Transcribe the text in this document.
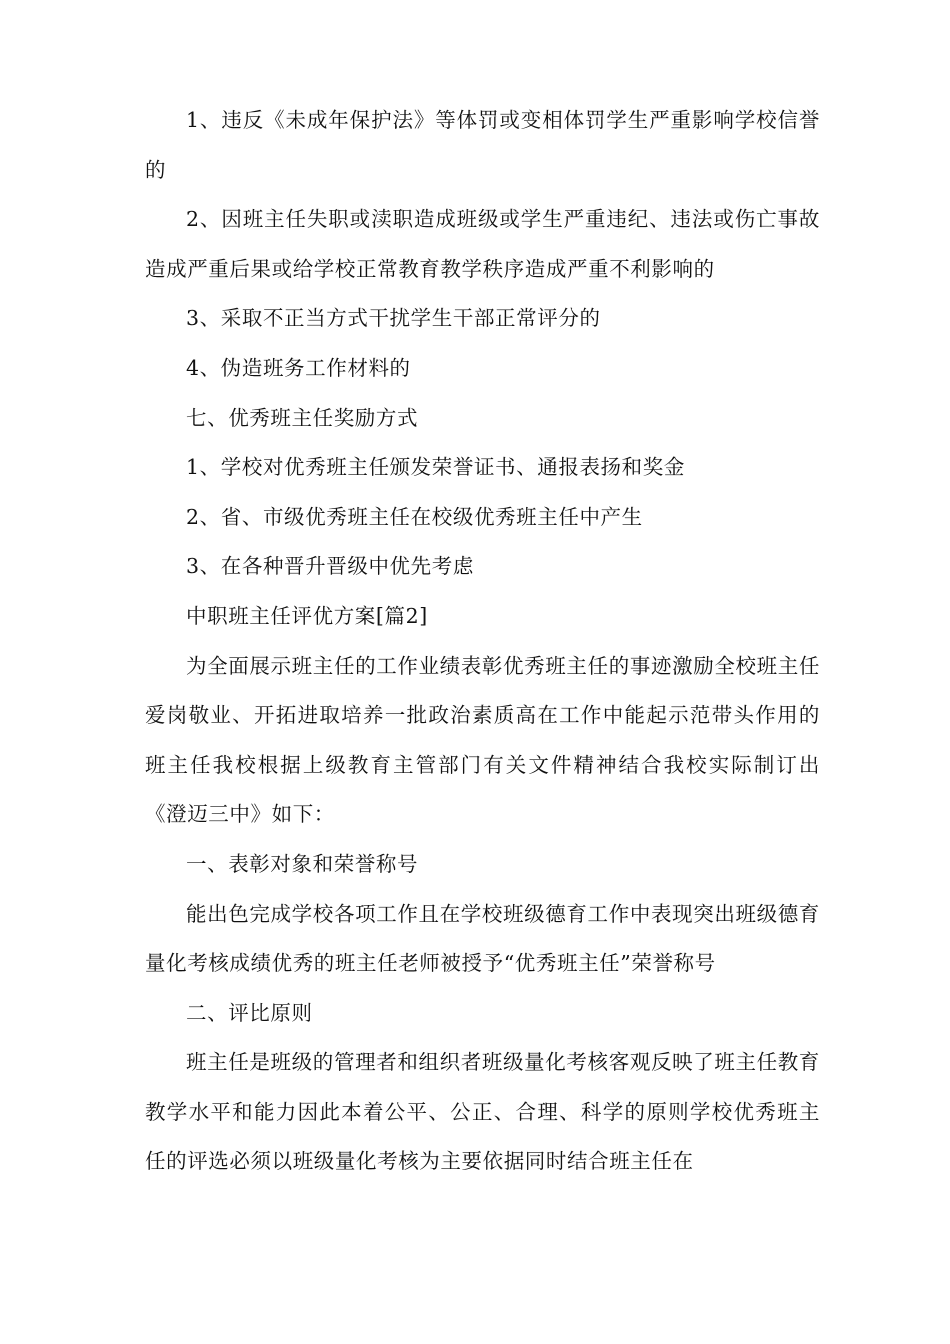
1、违反《未成年保护法》等体罚或变相体罚学生严重影响学校信誉的

2、因班主任失职或渎职造成班级或学生严重违纪、违法或伤亡事故造成严重后果或给学校正常教育教学秩序造成严重不利影响的

3、采取不正当方式干扰学生干部正常评分的

4、伪造班务工作材料的

七、优秀班主任奖励方式

1、学校对优秀班主任颁发荣誉证书、通报表扬和奖金

2、省、市级优秀班主任在校级优秀班主任中产生

3、在各种晋升晋级中优先考虑

中职班主任评优方案[篇2]

为全面展示班主任的工作业绩表彰优秀班主任的事迹激励全校班主任爱岗敬业、开拓进取培养一批政治素质高在工作中能起示范带头作用的班主任我校根据上级教育主管部门有关文件精神结合我校实际制订出《澄迈三中》如下：

一、表彰对象和荣誉称号

能出色完成学校各项工作且在学校班级德育工作中表现突出班级德育量化考核成绩优秀的班主任老师被授予“优秀班主任”荣誉称号

二、评比原则

班主任是班级的管理者和组织者班级量化考核客观反映了班主任教育教学水平和能力因此本着公平、公正、合理、科学的原则学校优秀班主任的评选必须以班级量化考核为主要依据同时结合班主任在
